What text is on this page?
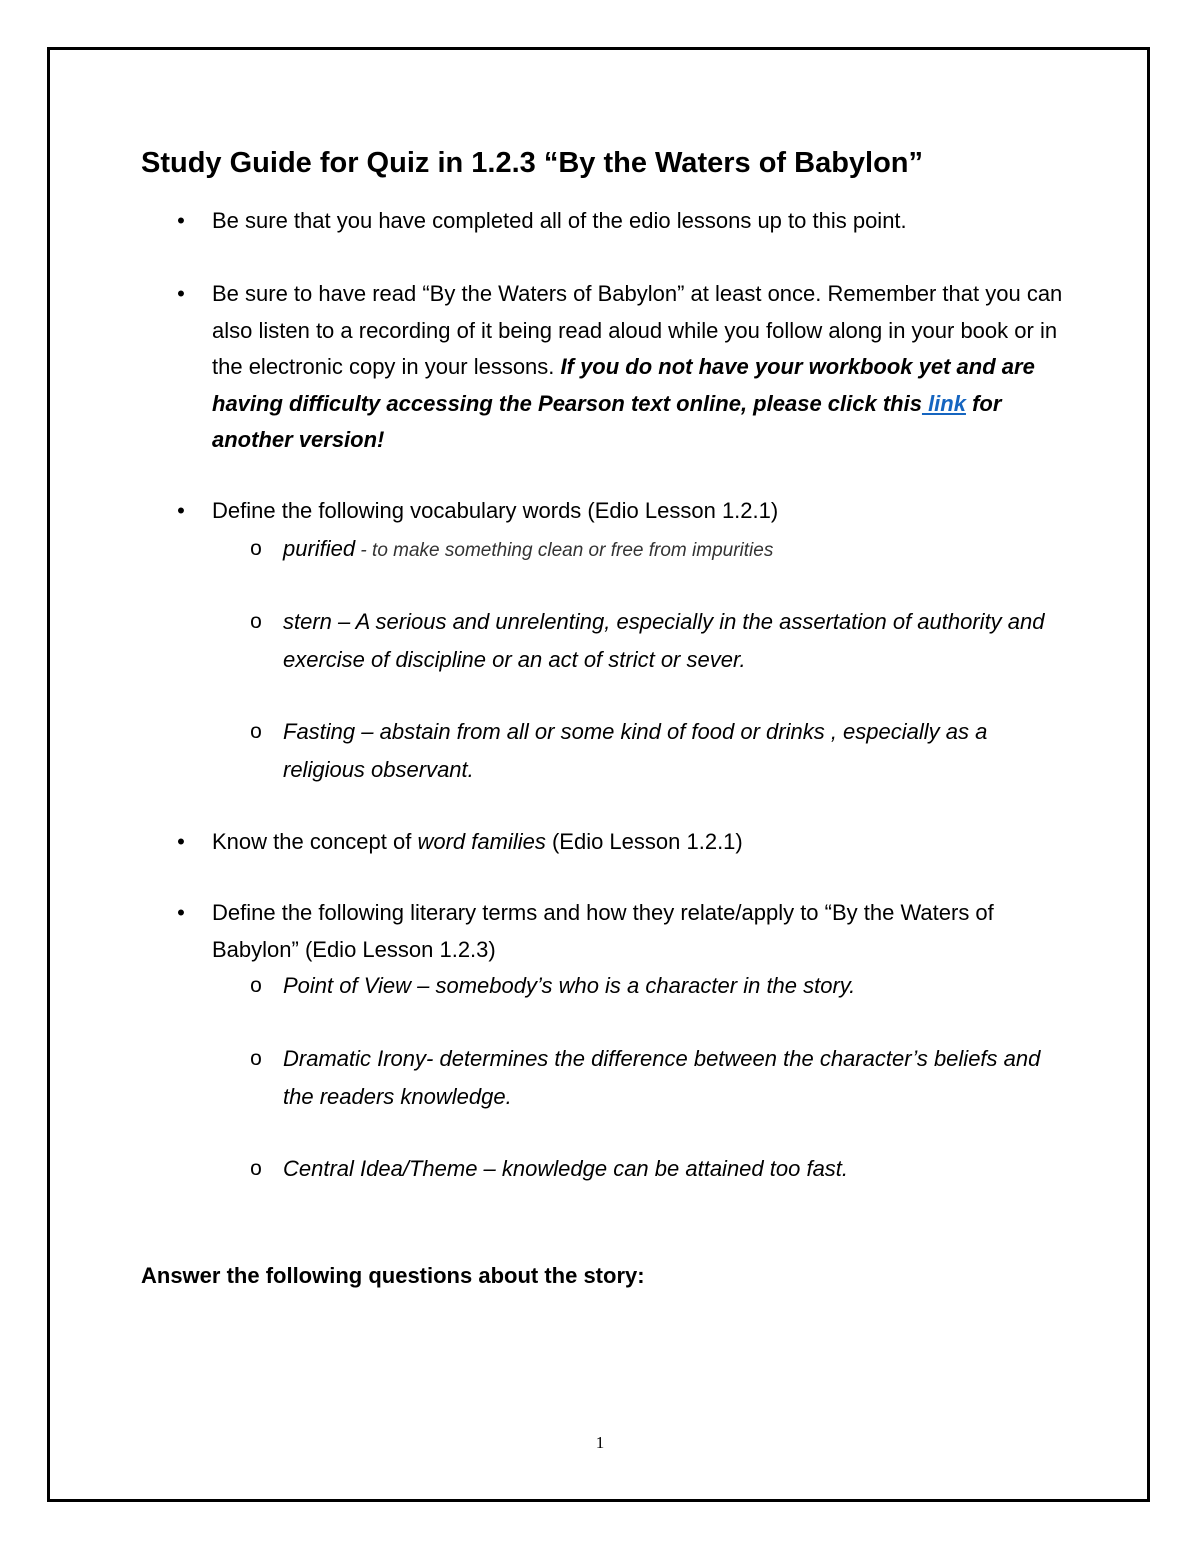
Study Guide for Quiz in 1.2.3 “By the Waters of Babylon”
• Be sure that you have completed all of the edio lessons up to this point.
• Be sure to have read “By the Waters of Babylon” at least once. Remember that you can also listen to a recording of it being read aloud while you follow along in your book or in the electronic copy in your lessons. If you do not have your workbook yet and are having difficulty accessing the Pearson text online, please click this link for another version!
• Define the following vocabulary words (Edio Lesson 1.2.1)
o purified - to make something clean or free from impurities
o stern – A serious and unrelenting, especially in the assertation of authority and exercise of discipline or an act of strict or sever.
o Fasting – abstain from all or some kind of food or drinks , especially as a religious observant.
• Know the concept of word families (Edio Lesson 1.2.1)
• Define the following literary terms and how they relate/apply to “By the Waters of Babylon” (Edio Lesson 1.2.3)
o Point of View – somebody’s who is a character in the story.
o Dramatic Irony- determines the difference between the character’s beliefs and the readers knowledge.
o Central Idea/Theme – knowledge can be attained too fast.
Answer the following questions about the story:
1
